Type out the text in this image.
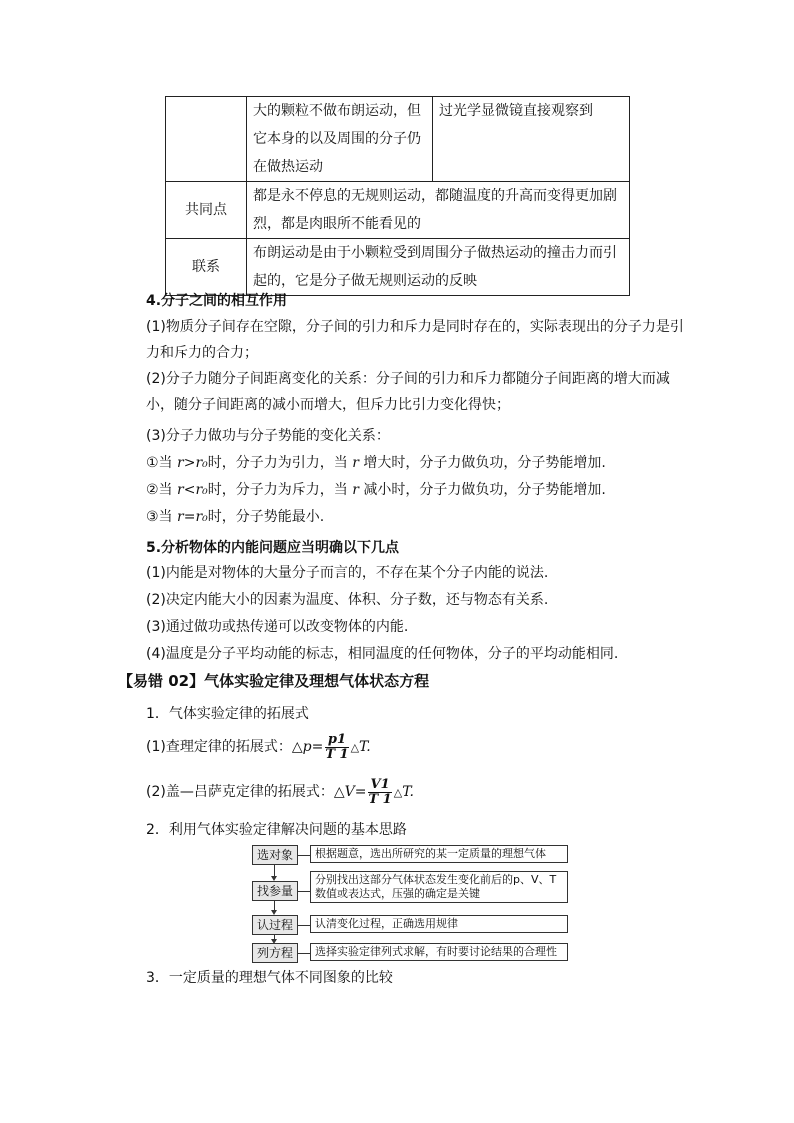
	大的颗粒不做布朗运动，但它本身的以及周围的分子仍在做热运动	过光学显微镜直接观察到
共同点	都是永不停息的无规则运动，都随温度的升高而变得更加剧烈，都是肉眼所不能看见的	
联系	布朗运动是由于小颗粒受到周围分子做热运动的撞击力而引起的，它是分子做无规则运动的反映	
4.分子之间的相互作用
(1)物质分子间存在空隙，分子间的引力和斥力是同时存在的，实际表现出的分子力是引力和斥力的合力；
(2)分子力随分子间距离变化的关系：分子间的引力和斥力都随分子间距离的增大而减小，随分子间距离的减小而增大，但斥力比引力变化得快；
(3)分子力做功与分子势能的变化关系：
①当 r>r₀时，分子力为引力，当 r 增大时，分子力做负功，分子势能增加.
②当 r<r₀时，分子力为斥力，当 r 减小时，分子力做负功，分子势能增加.
③当 r=r₀时，分子势能最小.
5.分析物体的内能问题应当明确以下几点
(1)内能是对物体的大量分子而言的，不存在某个分子内能的说法.
(2)决定内能大小的因素为温度、体积、分子数，还与物态有关系.
(3)通过做功或热传递可以改变物体的内能.
(4)温度是分子平均动能的标志，相同温度的任何物体，分子的平均动能相同.
【易错 02】气体实验定律及理想气体状态方程
1．气体实验定律的拓展式
(1)查理定律的拓展式：△p= $\frac{p1}{T 1}$ △T.
(2)盖—吕萨克定律的拓展式：△V= $\frac{V1}{T 1}$ △T.
2．利用气体实验定律解决问题的基本思路
选对象	根据题意，选出所研究的某一定质量的理想气体
找参量
分别找出这部分气体状态发生变化前后的p、V、T数值或表达式，压强的确定是关键
认过程	认清变化过程，正确选用规律
列方程	选择实验定律列式求解，有时要讨论结果的合理性
3．一定质量的理想气体不同图象的比较
